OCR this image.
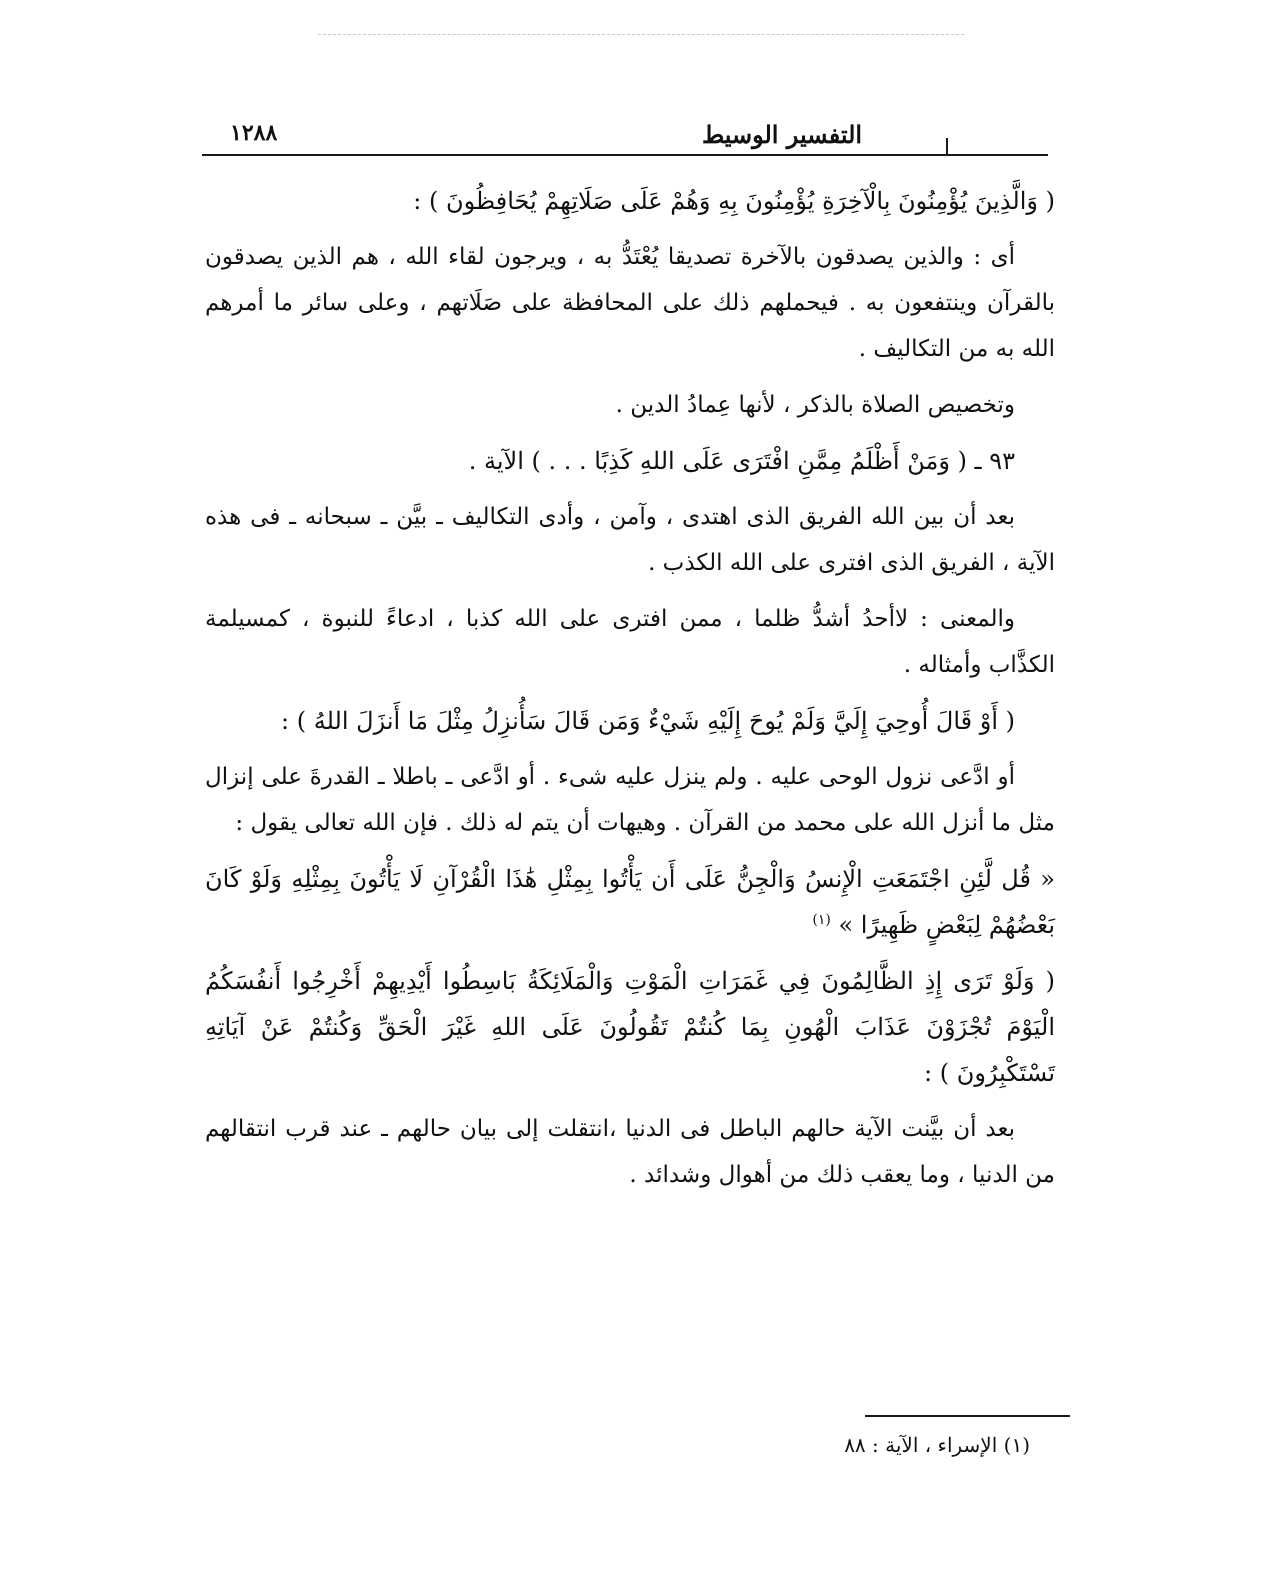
١٢٨٨	التفسير الوسيط

( وَالَّذِينَ يُؤْمِنُونَ بِالْآخِرَةِ يُؤْمِنُونَ بِهِ وَهُمْ عَلَى صَلَاتِهِمْ يُحَافِظُونَ ) :

أى : والذين يصدقون بالآخرة تصديقا يُعْتَدُّ به ، ويرجون لقاء الله ، هم الذين يصدقون بالقرآن وينتفعون به . فيحملهم ذلك على المحافظة على صَلَاتهم ، وعلى سائر ما أمرهم الله به من التكاليف .

وتخصيص الصلاة بالذكر ، لأنها عِمادُ الدين .

٩٣ ـ ( وَمَنْ أَظْلَمُ مِمَّنِ افْتَرَى عَلَى اللهِ كَذِبًا . . . ) الآية .

بعد أن بين الله الفريق الذى اهتدى ، وآمن ، وأدى التكاليف ـ بيَّن ـ سبحانه ـ فى هذه الآية ، الفريق الذى افترى على الله الكذب .

والمعنى : لاأحدُ أشدُّ ظلما ، ممن افترى على الله كذبا ، ادعاءً للنبوة ، كمسيلمة الكذَّاب وأمثاله .

( أَوْ قَالَ أُوحِيَ إِلَيَّ وَلَمْ يُوحَ إِلَيْهِ شَيْءٌ وَمَن قَالَ سَأُنزِلُ مِثْلَ مَا أَنزَلَ اللهُ ) :

أو ادَّعى نزول الوحى عليه . ولم ينزل عليه شىء . أو ادَّعى ـ باطلا ـ القدرةَ على إنزال مثل ما أنزل الله على محمد من القرآن . وهيهات أن يتم له ذلك . فإن الله تعالى يقول :

« قُل لَّئِنِ اجْتَمَعَتِ الْإِنسُ وَالْجِنُّ عَلَى أَن يَأْتُوا بِمِثْلِ هَٰذَا الْقُرْآنِ لَا يَأْتُونَ بِمِثْلِهِ وَلَوْ كَانَ بَعْضُهُمْ لِبَعْضٍ ظَهِيرًا » $^{(١)}$

( وَلَوْ تَرَى إِذِ الظَّالِمُونَ فِي غَمَرَاتِ الْمَوْتِ وَالْمَلَائِكَةُ بَاسِطُوا أَيْدِيهِمْ أَخْرِجُوا أَنفُسَكُمُ الْيَوْمَ تُجْزَوْنَ عَذَابَ الْهُونِ بِمَا كُنتُمْ تَقُولُونَ عَلَى اللهِ غَيْرَ الْحَقِّ وَكُنتُمْ عَنْ آيَاتِهِ تَسْتَكْبِرُونَ ) :

بعد أن بيَّنت الآية حالهم الباطل فى الدنيا ،انتقلت إلى بيان حالهم ـ عند قرب انتقالهم من الدنيا ، وما يعقب ذلك من أهوال وشدائد .

(١) الإسراء ، الآية : ٨٨
